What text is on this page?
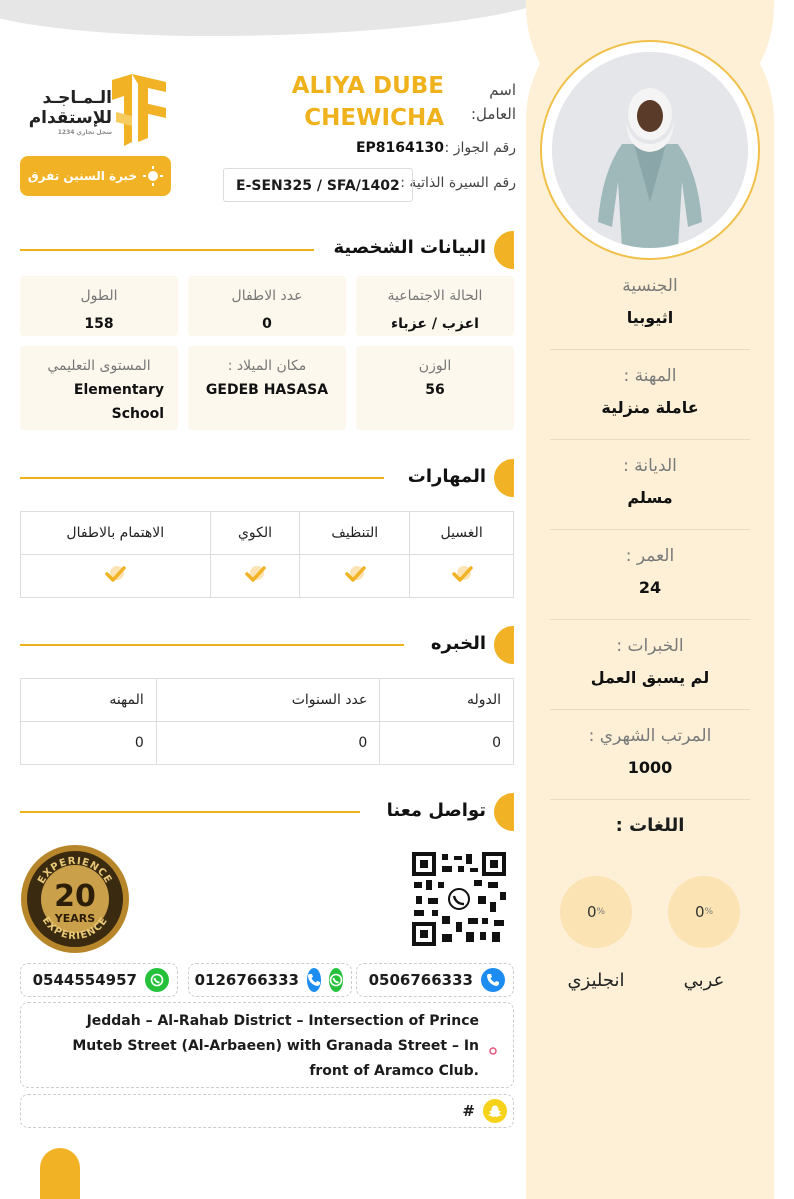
الجنسية
اثيوبيا
المهنة :
عاملة منزلية
الديانة :
مسلم
العمر :
24
الخبرات :
لم يسبق العمل
المرتب الشهري :
1000
اللغات :
0 %
عربي
0 %
انجليزي
الـمـاجـد
للإستقدام
سجل تجاري 1234
خبرة السنين تفرق
اسم العامل:
ALIYA DUBE CHEWICHA
رقم الجواز :
EP8164130
رقم السيرة الذاتية :
E-SEN325 / SFA/1402
البيانات الشخصية
الحالة الاجتماعية
اعزب / عزباء
عدد الاطفال
0
الطول
158
الوزن
56
مكان الميلاد :
GEDEB HASASA
المستوى التعليمي
Elementary School
المهارات
الغسيل	التنظيف	الكوي	الاهتمام بالاطفال

الخبره
الدوله	عدد السنوات	المهنه
0	0	0
تواصل معنا
EXPERIENCE
EXPERIENCE
20
YEARS
0506766333
0126766333
0544554957
Jeddah – Al-Rahab District – Intersection of Prince Muteb Street (Al-Arbaeen) with Granada Street – In front of Aramco Club.
#
